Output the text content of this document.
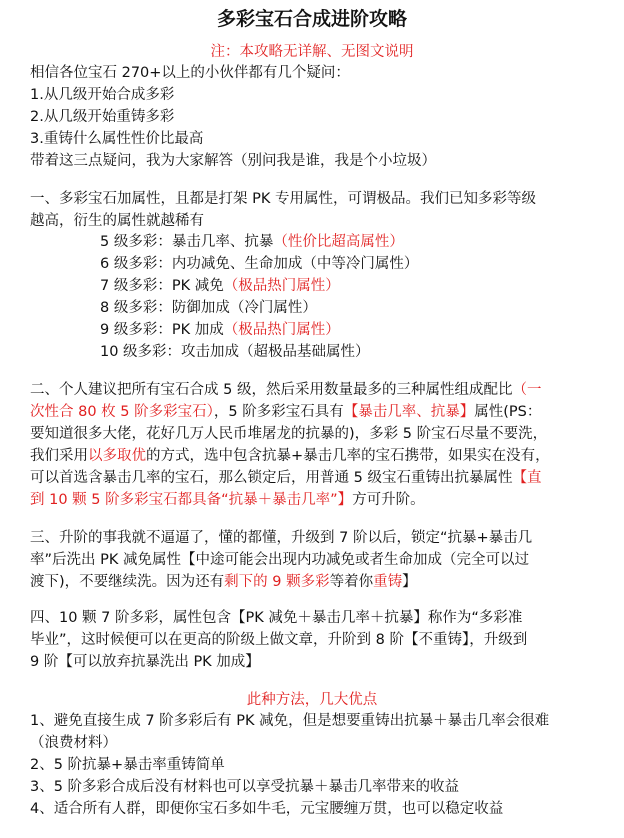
多彩宝石合成进阶攻略
注：本攻略无详解、无图文说明
相信各位宝石 270+以上的小伙伴都有几个疑问：
1.从几级开始合成多彩
2.从几级开始重铸多彩
3.重铸什么属性性价比最高
带着这三点疑问，我为大家解答（别问我是谁，我是个小垃圾）
一、多彩宝石加属性，且都是打架 PK 专用属性，可谓极品。我们已知多彩等级
越高，衍生的属性就越稀有
5 级多彩：暴击几率、抗暴（性价比超高属性）
6 级多彩：内功减免、生命加成（中等冷门属性）
7 级多彩：PK 减免（极品热门属性）
8 级多彩：防御加成（冷门属性）
9 级多彩：PK 加成（极品热门属性）
10 级多彩：攻击加成（超极品基础属性）
二、个人建议把所有宝石合成 5 级，然后采用数量最多的三种属性组成配比（一
次性合 80 枚 5 阶多彩宝石），5 阶多彩宝石具有【暴击几率、抗暴】属性(PS：
要知道很多大佬，花好几万人民币堆屠龙的抗暴的)，多彩 5 阶宝石尽量不要洗，
我们采用以多取优的方式，选中包含抗暴+暴击几率的宝石携带，如果实在没有，
可以首选含暴击几率的宝石，那么锁定后，用普通 5 级宝石重铸出抗暴属性【直
到 10 颗 5 阶多彩宝石都具备“抗暴＋暴击几率”】方可升阶。
三、升阶的事我就不逼逼了，懂的都懂，升级到 7 阶以后，锁定“抗暴+暴击几
率”后洗出 PK 减免属性【中途可能会出现内功减免或者生命加成（完全可以过
渡下)，不要继续洗。因为还有剩下的 9 颗多彩等着你重铸】
四、10 颗 7 阶多彩，属性包含【PK 减免＋暴击几率＋抗暴】称作为“多彩准
毕业”，这时候便可以在更高的阶级上做文章，升阶到 8 阶【不重铸】，升级到
9 阶【可以放弃抗暴洗出 PK 加成】
此种方法，几大优点
1、避免直接生成 7 阶多彩后有 PK 减免，但是想要重铸出抗暴＋暴击几率会很难
（浪费材料）
2、5 阶抗暴+暴击率重铸简单
3、5 阶多彩合成后没有材料也可以享受抗暴＋暴击几率带来的收益
4、适合所有人群，即便你宝石多如牛毛，元宝腰缠万贯，也可以稳定收益
